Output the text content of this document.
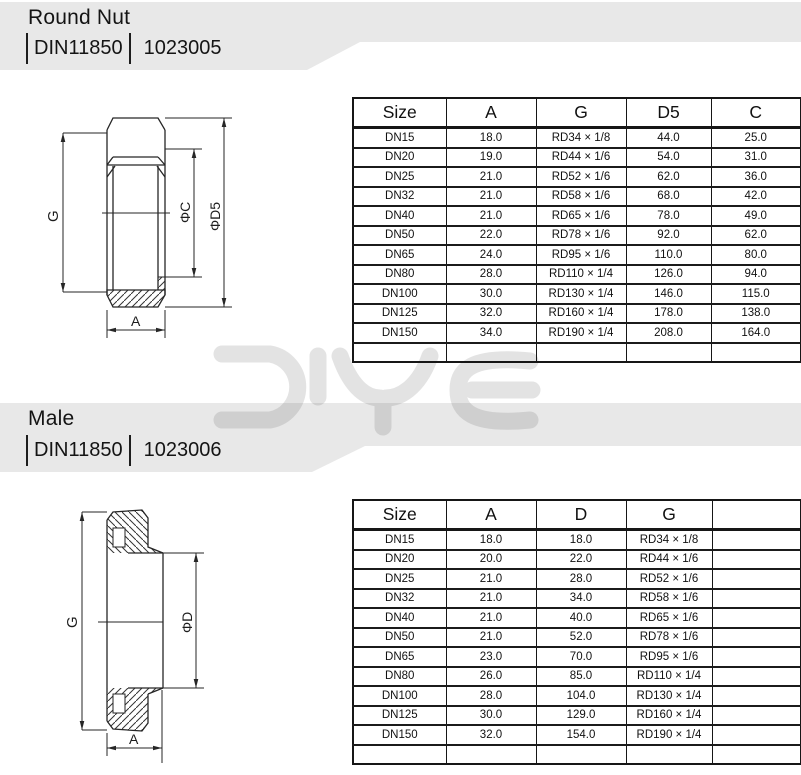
Round Nut
DIN11850	1023005
G	ΦC ΦD5
A
Size	A	G	D5	C
DN15	18.0	RD34 × 1/8	44.0	25.0
DN20	19.0	RD44 × 1/6	54.0	31.0
DN25	21.0	RD52 × 1/6	62.0	36.0
DN32	21.0	RD58 × 1/6	68.0	42.0
DN40	21.0	RD65 × 1/6	78.0	49.0
DN50	22.0	RD78 × 1/6	92.0	62.0
DN65	24.0	RD95 × 1/6	110.0	80.0
DN80	28.0	RD110 × 1/4	126.0	94.0
DN100	30.0	RD130 × 1/4	146.0	115.0
DN125	32.0	RD160 × 1/4	178.0	138.0
DN150	34.0	RD190 × 1/4	208.0	164.0

Male
DIN11850	1023006
G	ΦD
A
Size	A	D	G	
DN15	18.0	18.0	RD34 × 1/8	
DN20	20.0	22.0	RD44 × 1/6	
DN25	21.0	28.0	RD52 × 1/6	
DN32	21.0	34.0	RD58 × 1/6	
DN40	21.0	40.0	RD65 × 1/6	
DN50	21.0	52.0	RD78 × 1/6	
DN65	23.0	70.0	RD95 × 1/6	
DN80	26.0	85.0	RD110 × 1/4	
DN100	28.0	104.0	RD130 × 1/4	
DN125	30.0	129.0	RD160 × 1/4	
DN150	32.0	154.0	RD190 × 1/4	
